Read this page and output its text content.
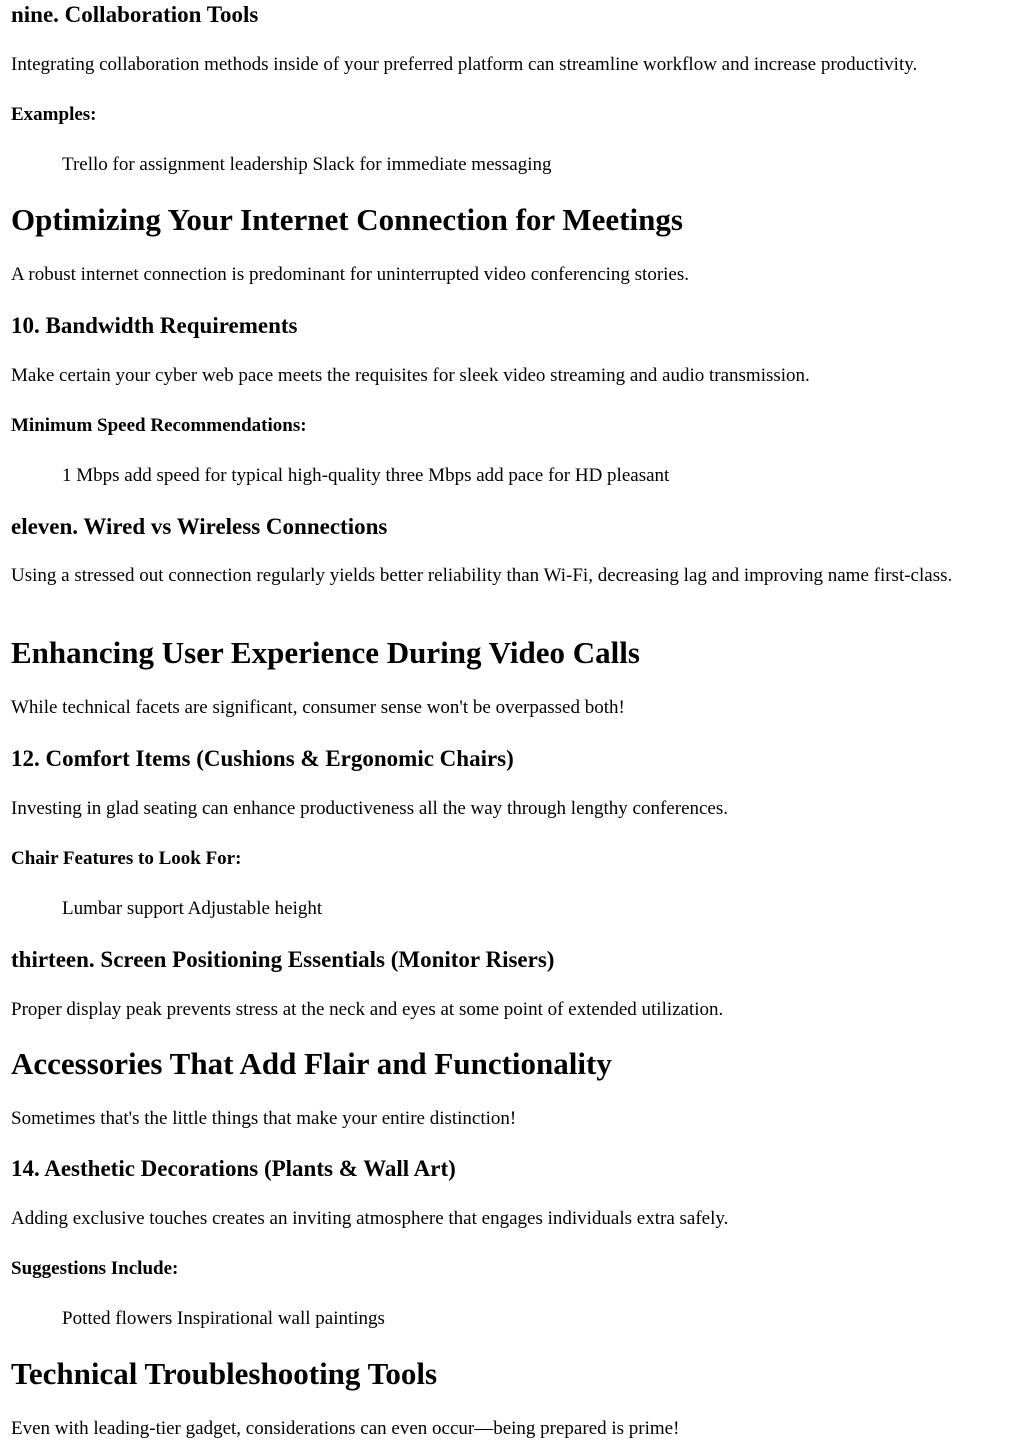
nine. Collaboration Tools

Integrating collaboration methods inside of your preferred platform can streamline workflow and increase productivity.

Examples:
Trello for assignment leadership Slack for immediate messaging
Optimizing Your Internet Connection for Meetings

A robust internet connection is predominant for uninterrupted video conferencing stories.

10. Bandwidth Requirements

Make certain your cyber web pace meets the requisites for sleek video streaming and audio transmission.

Minimum Speed Recommendations:
1 Mbps add speed for typical high-quality three Mbps add pace for HD pleasant
eleven. Wired vs Wireless Connections

Using a stressed out connection regularly yields better reliability than Wi-Fi, decreasing lag and improving name first-class.

Enhancing User Experience During Video Calls

While technical facets are significant, consumer sense won't be overpassed both!

12. Comfort Items (Cushions & Ergonomic Chairs)

Investing in glad seating can enhance productiveness all the way through lengthy conferences.

Chair Features to Look For:
Lumbar support Adjustable height
thirteen. Screen Positioning Essentials (Monitor Risers)

Proper display peak prevents stress at the neck and eyes at some point of extended utilization.

Accessories That Add Flair and Functionality

Sometimes that's the little things that make your entire distinction!

14. Aesthetic Decorations (Plants & Wall Art)

Adding exclusive touches creates an inviting atmosphere that engages individuals extra safely.

Suggestions Include:
Potted flowers Inspirational wall paintings
Technical Troubleshooting Tools

Even with leading-tier gadget, considerations can even occur—being prepared is prime!
